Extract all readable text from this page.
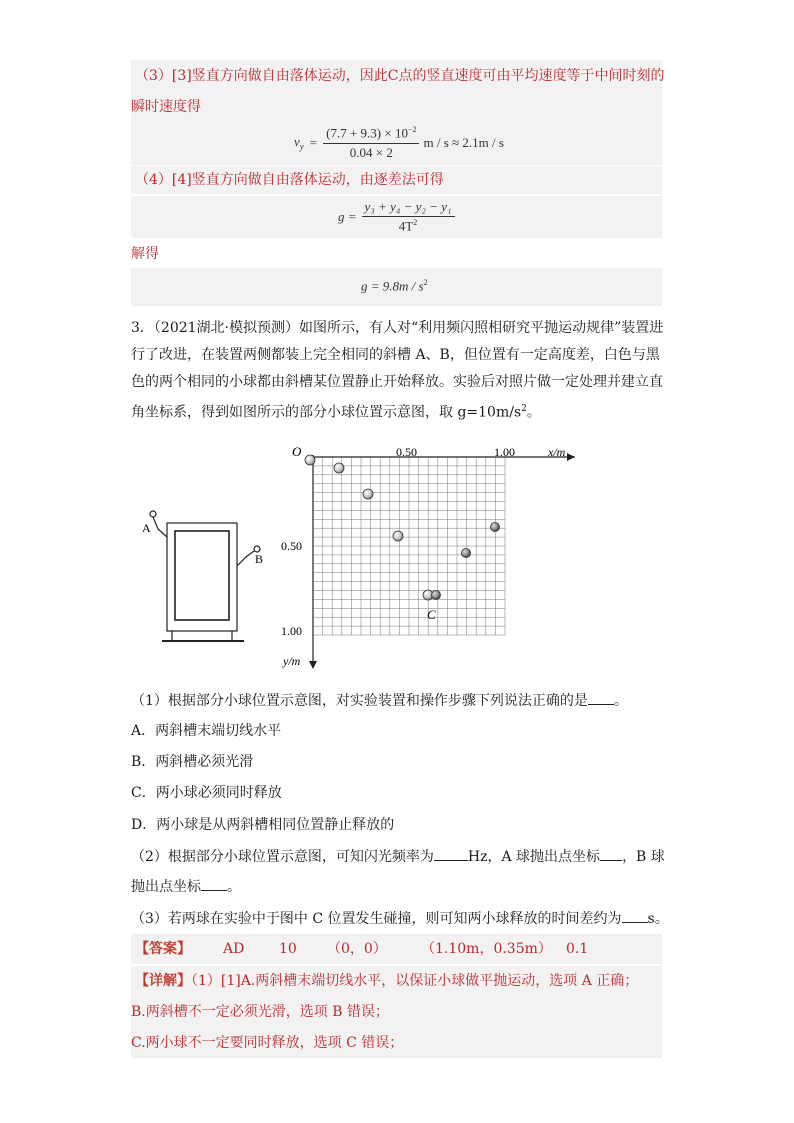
（3）[3]竖直方向做自由落体运动，因此C点的竖直速度可由平均速度等于中间时刻的
瞬时速度得
$v_y = \frac{(7.7 + 9.3) \times 10^{-2}}{0.04 \times 2}$ m / s ≈ 2.1m / s
（4）[4]竖直方向做自由落体运动，由逐差法可得
$g = \frac{\text{y₃ + y₄ − y₂ − y₁}}{4T^2}$
解得
$g = 9.8m / s^2$
3．（2021湖北·模拟预测）如图所示，有人对“利用频闪照相研究平抛运动规律”装置进
行了改进，在装置两侧都装上完全相同的斜槽 A、B，但位置有一定高度差，白色与黑
色的两个相同的小球都由斜槽某位置静止开始释放。实验后对照片做一定处理并建立直
角坐标系，得到如图所示的部分小球位置示意图，取 $g=10m/s^2$。
A
B
O	0.50	1.00	x/m
0.50
1.00
y/m
C
（1）根据部分小球位置示意图，对实验装置和操作步骤下列说法正确的是 。
A．两斜槽末端切线水平
B．两斜槽必须光滑
C．两小球必须同时释放
D．两小球是从两斜槽相同位置静止释放的
（2）根据部分小球位置示意图，可知闪光频率为 Hz，A 球抛出点坐标 ，B 球
抛出点坐标 。
（3）若两球在实验中于图中 C 位置发生碰撞，则可知两小球释放的时间差约为 s。
【答案】 AD 10 （0，0） （1.10m，0.35m） 0.1
【详解】（1）[1]A.两斜槽末端切线水平，以保证小球做平抛运动，选项 A 正确；
B.两斜槽不一定必须光滑，选项 B 错误；
C.两小球不一定要同时释放，选项 C 错误；
